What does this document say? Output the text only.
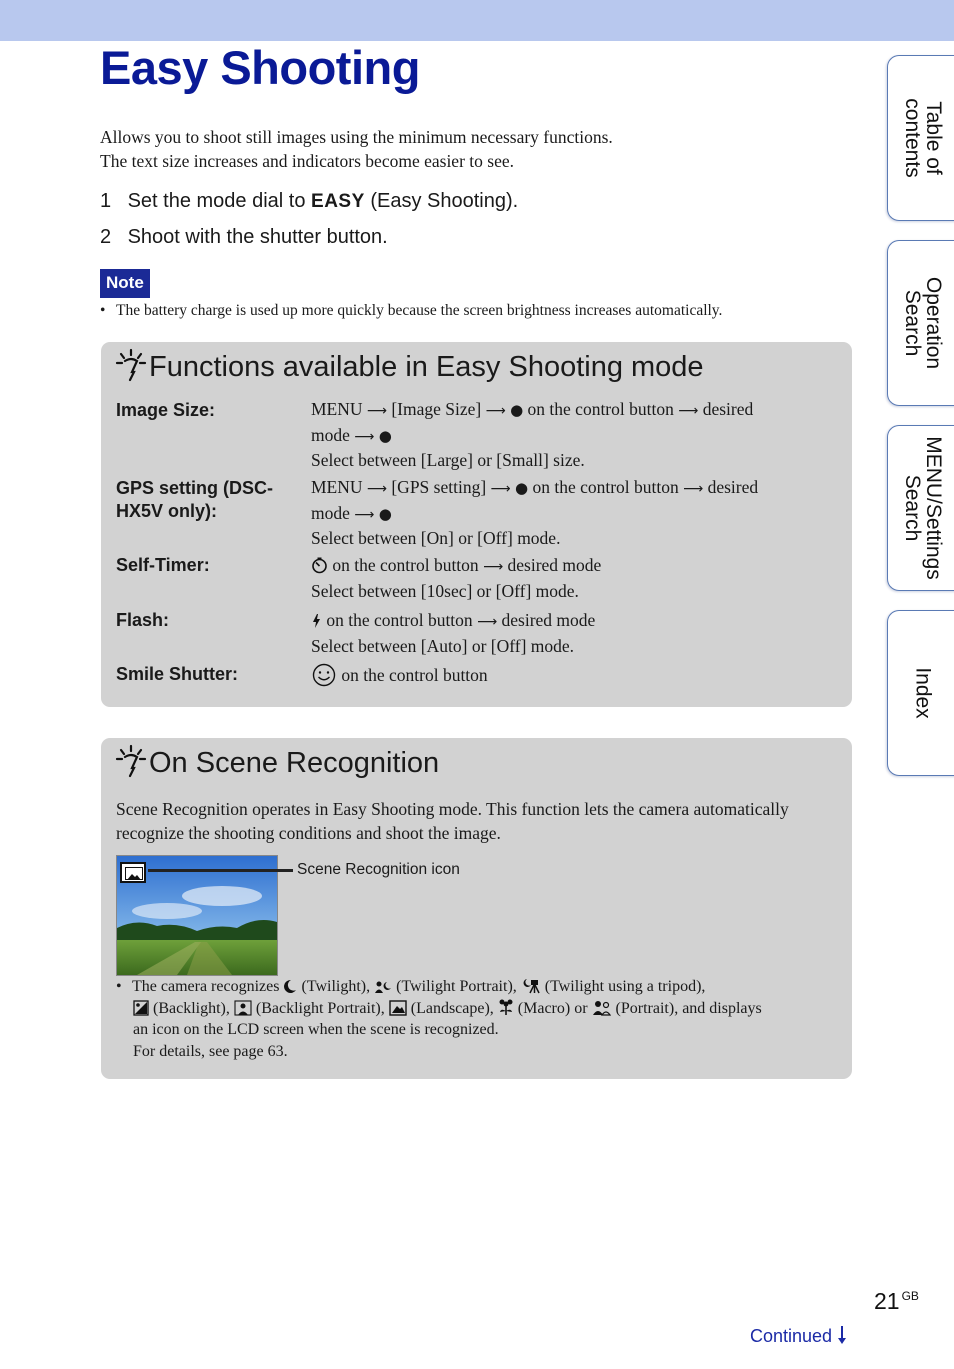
Easy Shooting
Allows you to shoot still images using the minimum necessary functions.
The text size increases and indicators become easier to see.
1 Set the mode dial to EASY (Easy Shooting).
2 Shoot with the shutter button.
Note
• The battery charge is used up more quickly because the screen brightness increases automatically.
Functions available in Easy Shooting mode
Image Size:	MENU ⟶ [Image Size] ⟶ ● on the control button ⟶ desired
mode ⟶ ●
Select between [Large] or [Small] size.
GPS setting (DSC-HX5V only):
MENU ⟶ [GPS setting] ⟶ ● on the control button ⟶ desired
mode ⟶ ●
Select between [On] or [Off] mode.
Self-Timer:	on the control button ⟶ desired mode
Select between [10sec] or [Off] mode.
Flash:	on the control button ⟶ desired mode
Select between [Auto] or [Off] mode.
Smile Shutter:	on the control button
On Scene Recognition
Scene Recognition operates in Easy Shooting mode. This function lets the camera automatically recognize the shooting conditions and shoot the image.
Scene Recognition icon
• The camera recognizes (Twilight), (Twilight Portrait), (Twilight using a tripod),
(Backlight), (Backlight Portrait), (Landscape), (Macro) or (Portrait), and displays
an icon on the LCD screen when the scene is recognized.
For details, see page 63.
Table of
contents
Operation
Search
MENU/Settings
Search
Index
21 $^{GB}$
Continued
